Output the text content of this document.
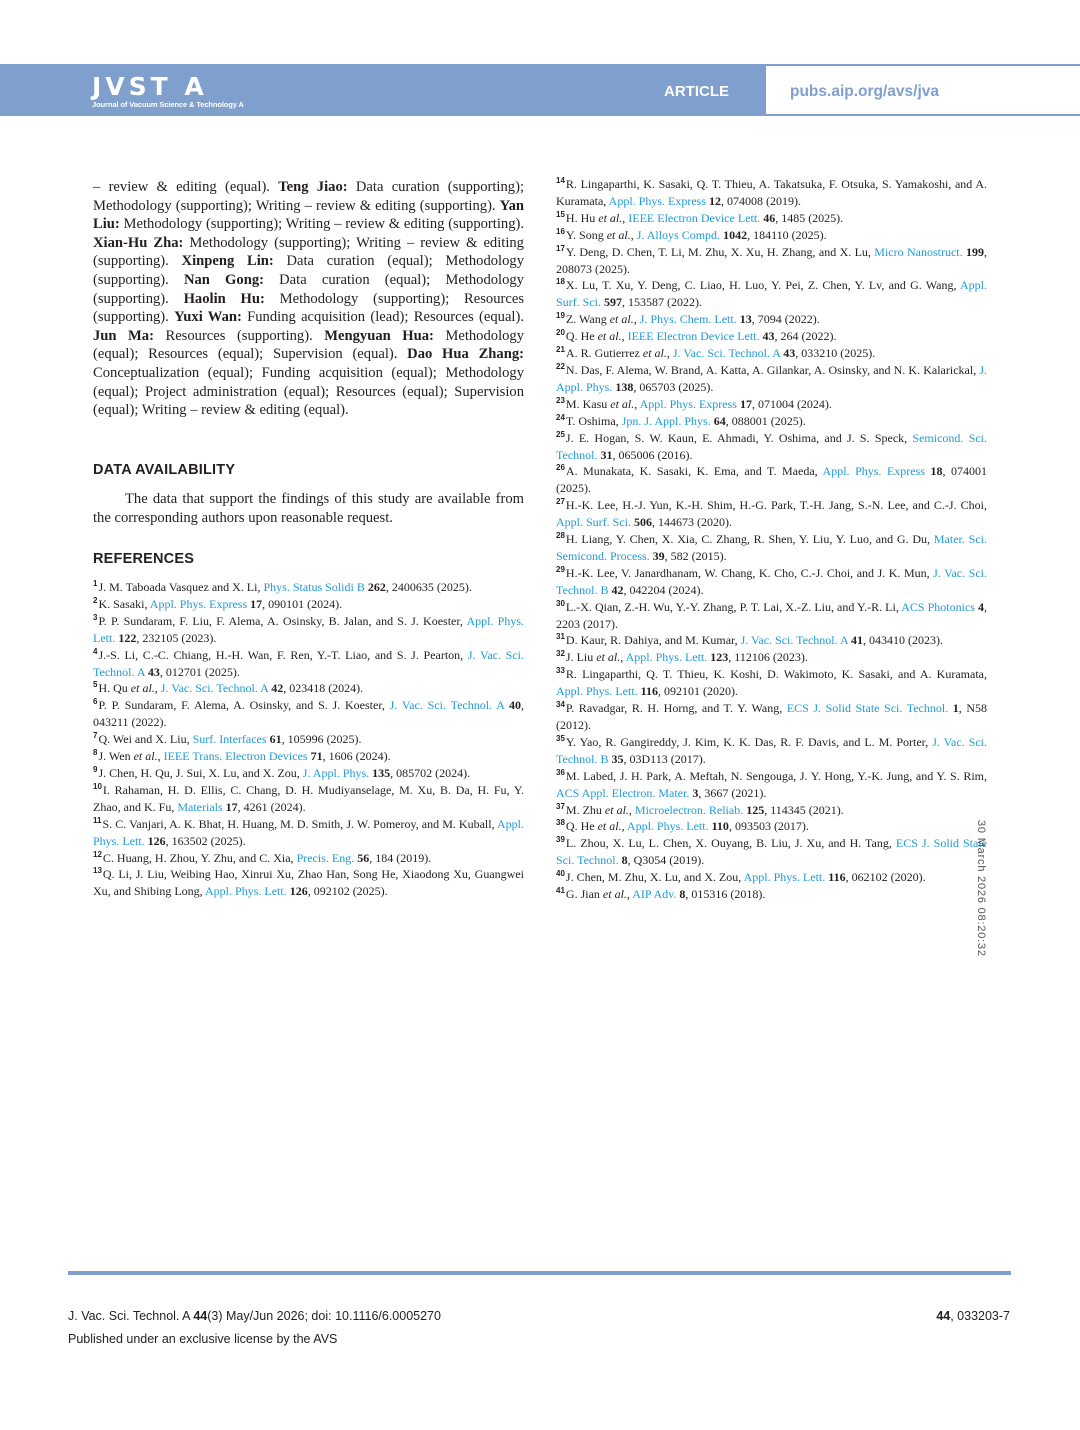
JVST A
Journal of Vacuum Science & Technology A
ARTICLE	pubs.aip.org/avs/jva

– review & editing (equal). Teng Jiao: Data curation (supporting); Methodology (supporting); Writing – review & editing (supporting). Yan Liu: Methodology (supporting); Writing – review & editing (supporting). Xian-Hu Zha: Methodology (supporting); Writing – review & editing (supporting). Xinpeng Lin: Data curation (equal); Methodology (supporting). Nan Gong: Data curation (equal); Methodology (supporting). Haolin Hu: Methodology (supporting); Resources (supporting). Yuxi Wan: Funding acquisition (lead); Resources (equal). Jun Ma: Resources (supporting). Mengyuan Hua: Methodology (equal); Resources (equal); Supervision (equal). Dao Hua Zhang: Conceptualization (equal); Funding acquisition (equal); Methodology (equal); Project administration (equal); Resources (equal); Supervision (equal); Writing – review & editing (equal).

DATA AVAILABILITY

The data that support the findings of this study are available from the corresponding authors upon reasonable request.

REFERENCES

$^1$J. M. Taboada Vasquez and X. Li, Phys. Status Solidi B 262, 2400635 (2025).

$^2$K. Sasaki, Appl. Phys. Express 17, 090101 (2024).

$^3$P. P. Sundaram, F. Liu, F. Alema, A. Osinsky, B. Jalan, and S. J. Koester, Appl. Phys. Lett. 122, 232105 (2023).

$^4$J.-S. Li, C.-C. Chiang, H.-H. Wan, F. Ren, Y.-T. Liao, and S. J. Pearton, J. Vac. Sci. Technol. A 43, 012701 (2025).

$^5$H. Qu et al., J. Vac. Sci. Technol. A 42, 023418 (2024).

$^6$P. P. Sundaram, F. Alema, A. Osinsky, and S. J. Koester, J. Vac. Sci. Technol. A 40, 043211 (2022).

$^7$Q. Wei and X. Liu, Surf. Interfaces 61, 105996 (2025).

$^8$J. Wen et al., IEEE Trans. Electron Devices 71, 1606 (2024).

$^9$J. Chen, H. Qu, J. Sui, X. Lu, and X. Zou, J. Appl. Phys. 135, 085702 (2024).

$^{10}$I. Rahaman, H. D. Ellis, C. Chang, D. H. Mudiyanselage, M. Xu, B. Da, H. Fu, Y. Zhao, and K. Fu, Materials 17, 4261 (2024).

$^{11}$S. C. Vanjari, A. K. Bhat, H. Huang, M. D. Smith, J. W. Pomeroy, and M. Kuball, Appl. Phys. Lett. 126, 163502 (2025).

$^{12}$C. Huang, H. Zhou, Y. Zhu, and C. Xia, Precis. Eng. 56, 184 (2019).

$^{13}$Q. Li, J. Liu, Weibing Hao, Xinrui Xu, Zhao Han, Song He, Xiaodong Xu, Guangwei Xu, and Shibing Long, Appl. Phys. Lett. 126, 092102 (2025).

$^{14}$R. Lingaparthi, K. Sasaki, Q. T. Thieu, A. Takatsuka, F. Otsuka, S. Yamakoshi, and A. Kuramata, Appl. Phys. Express 12, 074008 (2019).

$^{15}$H. Hu et al., IEEE Electron Device Lett. 46, 1485 (2025).

$^{16}$Y. Song et al., J. Alloys Compd. 1042, 184110 (2025).

$^{17}$Y. Deng, D. Chen, T. Li, M. Zhu, X. Xu, H. Zhang, and X. Lu, Micro Nanostruct. 199, 208073 (2025).

$^{18}$X. Lu, T. Xu, Y. Deng, C. Liao, H. Luo, Y. Pei, Z. Chen, Y. Lv, and G. Wang, Appl. Surf. Sci. 597, 153587 (2022).

$^{19}$Z. Wang et al., J. Phys. Chem. Lett. 13, 7094 (2022).

$^{20}$Q. He et al., IEEE Electron Device Lett. 43, 264 (2022).

$^{21}$A. R. Gutierrez et al., J. Vac. Sci. Technol. A 43, 033210 (2025).

$^{22}$N. Das, F. Alema, W. Brand, A. Katta, A. Gilankar, A. Osinsky, and N. K. Kalarickal, J. Appl. Phys. 138, 065703 (2025).

$^{23}$M. Kasu et al., Appl. Phys. Express 17, 071004 (2024).

$^{24}$T. Oshima, Jpn. J. Appl. Phys. 64, 088001 (2025).

$^{25}$J. E. Hogan, S. W. Kaun, E. Ahmadi, Y. Oshima, and J. S. Speck, Semicond. Sci. Technol. 31, 065006 (2016).

$^{26}$A. Munakata, K. Sasaki, K. Ema, and T. Maeda, Appl. Phys. Express 18, 074001 (2025).

$^{27}$H.-K. Lee, H.-J. Yun, K.-H. Shim, H.-G. Park, T.-H. Jang, S.-N. Lee, and C.-J. Choi, Appl. Surf. Sci. 506, 144673 (2020).

$^{28}$H. Liang, Y. Chen, X. Xia, C. Zhang, R. Shen, Y. Liu, Y. Luo, and G. Du, Mater. Sci. Semicond. Process. 39, 582 (2015).

$^{29}$H.-K. Lee, V. Janardhanam, W. Chang, K. Cho, C.-J. Choi, and J. K. Mun, J. Vac. Sci. Technol. B 42, 042204 (2024).

$^{30}$L.-X. Qian, Z.-H. Wu, Y.-Y. Zhang, P. T. Lai, X.-Z. Liu, and Y.-R. Li, ACS Photonics 4, 2203 (2017).

$^{31}$D. Kaur, R. Dahiya, and M. Kumar, J. Vac. Sci. Technol. A 41, 043410 (2023).

$^{32}$J. Liu et al., Appl. Phys. Lett. 123, 112106 (2023).

$^{33}$R. Lingaparthi, Q. T. Thieu, K. Koshi, D. Wakimoto, K. Sasaki, and A. Kuramata, Appl. Phys. Lett. 116, 092101 (2020).

$^{34}$P. Ravadgar, R. H. Horng, and T. Y. Wang, ECS J. Solid State Sci. Technol. 1, N58 (2012).

$^{35}$Y. Yao, R. Gangireddy, J. Kim, K. K. Das, R. F. Davis, and L. M. Porter, J. Vac. Sci. Technol. B 35, 03D113 (2017).

$^{36}$M. Labed, J. H. Park, A. Meftah, N. Sengouga, J. Y. Hong, Y.-K. Jung, and Y. S. Rim, ACS Appl. Electron. Mater. 3, 3667 (2021).

$^{37}$M. Zhu et al., Microelectron. Reliab. 125, 114345 (2021).

$^{38}$Q. He et al., Appl. Phys. Lett. 110, 093503 (2017).

$^{39}$L. Zhou, X. Lu, L. Chen, X. Ouyang, B. Liu, J. Xu, and H. Tang, ECS J. Solid State Sci. Technol. 8, Q3054 (2019).

$^{40}$J. Chen, M. Zhu, X. Lu, and X. Zou, Appl. Phys. Lett. 116, 062102 (2020).

$^{41}$G. Jian et al., AIP Adv. 8, 015316 (2018).	30 March 2026 08:20:32
J. Vac. Sci. Technol. A 44(3) May/Jun 2026; doi: 10.1116/6.0005270	44, 033203-7
Published under an exclusive license by the AVS
